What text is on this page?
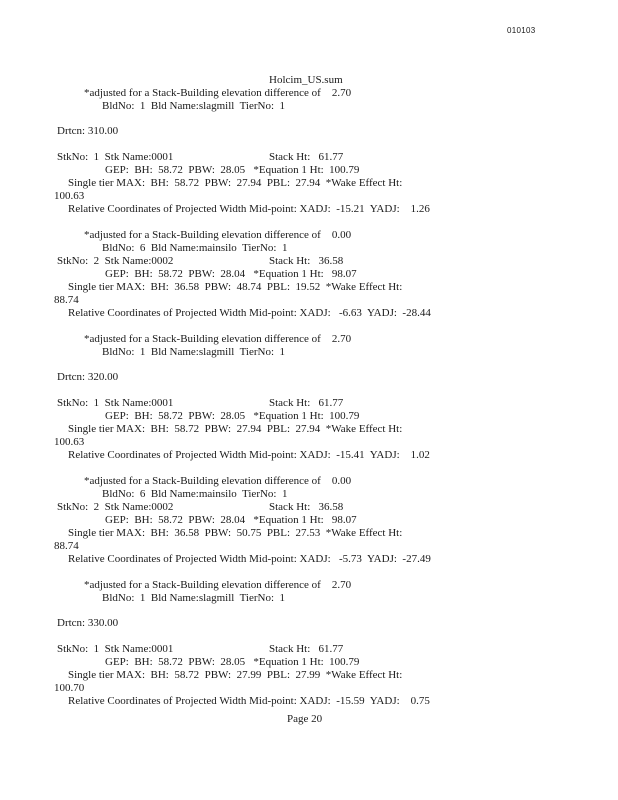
010103
Holcim_US.sum
*adjusted for a Stack-Building elevation difference of    2.70
BldNo:  1  Bld Name:slagmill  TierNo:  1
Drtcn: 310.00
StkNo:  1  Stk Name:0001	Stack Ht:   61.77
GEP:  BH:  58.72  PBW:  28.05   *Equation 1 Ht:  100.79
Single tier MAX:  BH:  58.72  PBW:  27.94  PBL:  27.94  *Wake Effect Ht:
100.63
Relative Coordinates of Projected Width Mid-point: XADJ:  -15.21  YADJ:    1.26
*adjusted for a Stack-Building elevation difference of    0.00
BldNo:  6  Bld Name:mainsilo  TierNo:  1
StkNo:  2  Stk Name:0002	Stack Ht:   36.58
GEP:  BH:  58.72  PBW:  28.04   *Equation 1 Ht:   98.07
Single tier MAX:  BH:  36.58  PBW:  48.74  PBL:  19.52  *Wake Effect Ht:
88.74
Relative Coordinates of Projected Width Mid-point: XADJ:   -6.63  YADJ:  -28.44
*adjusted for a Stack-Building elevation difference of    2.70
BldNo:  1  Bld Name:slagmill  TierNo:  1
Drtcn: 320.00
StkNo:  1  Stk Name:0001	Stack Ht:   61.77
GEP:  BH:  58.72  PBW:  28.05   *Equation 1 Ht:  100.79
Single tier MAX:  BH:  58.72  PBW:  27.94  PBL:  27.94  *Wake Effect Ht:
100.63
Relative Coordinates of Projected Width Mid-point: XADJ:  -15.41  YADJ:    1.02
*adjusted for a Stack-Building elevation difference of    0.00
BldNo:  6  Bld Name:mainsilo  TierNo:  1
StkNo:  2  Stk Name:0002	Stack Ht:   36.58
GEP:  BH:  58.72  PBW:  28.04   *Equation 1 Ht:   98.07
Single tier MAX:  BH:  36.58  PBW:  50.75  PBL:  27.53  *Wake Effect Ht:
88.74
Relative Coordinates of Projected Width Mid-point: XADJ:   -5.73  YADJ:  -27.49
*adjusted for a Stack-Building elevation difference of    2.70
BldNo:  1  Bld Name:slagmill  TierNo:  1
Drtcn: 330.00
StkNo:  1  Stk Name:0001	Stack Ht:   61.77
GEP:  BH:  58.72  PBW:  28.05   *Equation 1 Ht:  100.79
Single tier MAX:  BH:  58.72  PBW:  27.99  PBL:  27.99  *Wake Effect Ht:
100.70
Relative Coordinates of Projected Width Mid-point: XADJ:  -15.59  YADJ:    0.75
Page 20
